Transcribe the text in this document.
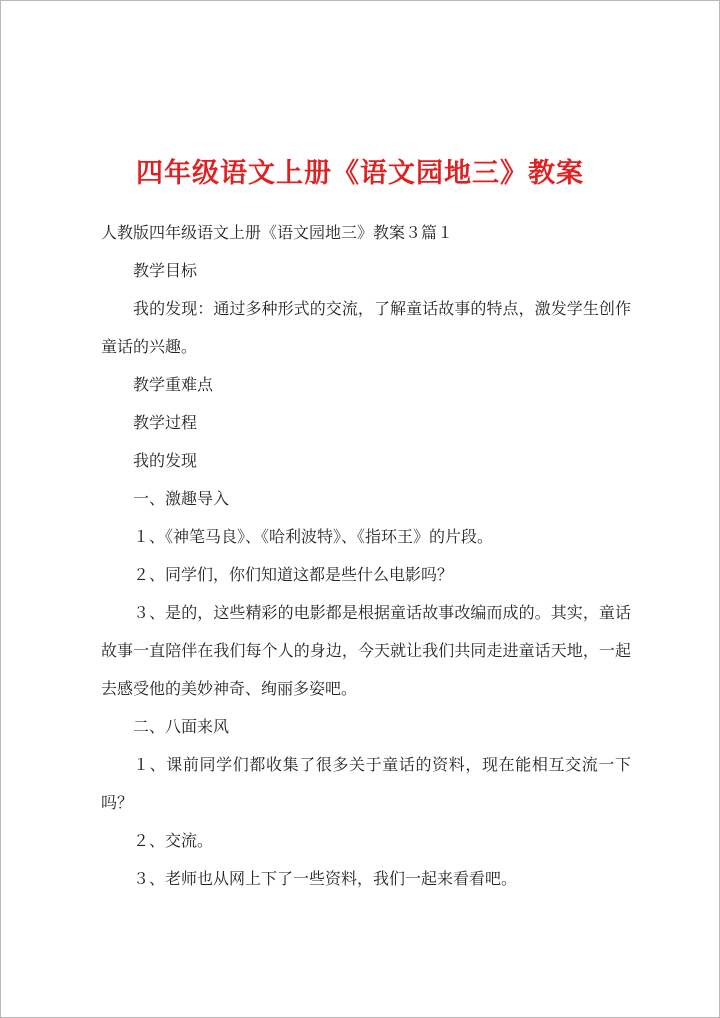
四年级语文上册《语文园地三》教案

人教版四年级语文上册《语文园地三》教案３篇１

教学目标

我的发现：通过多种形式的交流，了解童话故事的特点，激发学生创作童话的兴趣。

教学重难点

教学过程

我的发现

一、激趣导入

１、《神笔马良》、《哈利波特》、《指环王》的片段。

２、同学们，你们知道这都是些什么电影吗？

３、是的，这些精彩的电影都是根据童话故事改编而成的。其实，童话故事一直陪伴在我们每个人的身边，今天就让我们共同走进童话天地，一起去感受他的美妙神奇、绚丽多姿吧。

二、八面来风

１、课前同学们都收集了很多关于童话的资料，现在能相互交流一下吗？

２、交流。

３、老师也从网上下了一些资料，我们一起来看看吧。
